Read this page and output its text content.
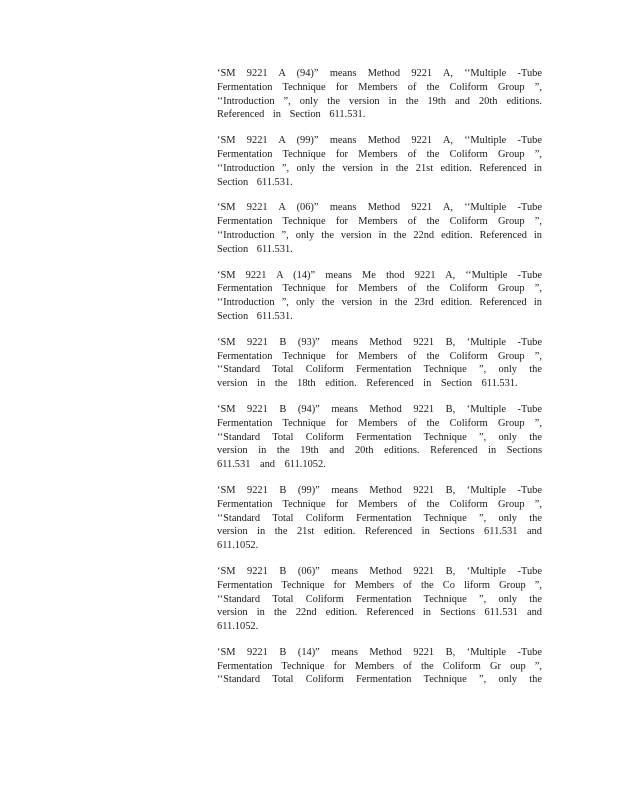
‘SM 9221 A (94)” means Method 9221 A, ‘‘Multiple -Tube
Fermentation Technique for Members of the Coliform Group ”,
‘‘Introduction ”, only the version in the 19th and 20th editions.
Referenced in Section 611.531.
‘SM 9221 A (99)” means Method 9221 A, ‘‘Multiple -Tube
Fermentation Technique for Members of the Coliform Group ”,
‘‘Introduction ”, only the version in the 21st edition. Referenced in
Section 611.531.
‘SM 9221 A (06)” means Method 9221 A, ‘‘Multiple -Tube
Fermentation Technique for Members of the Coliform Group ”,
‘‘Introduction ”, only the version in the 22nd edition. Referenced in
Section 611.531.
‘SM 9221 A (14)” means Me thod 9221 A, ‘‘Multiple -Tube
Fermentation Technique for Members of the Coliform Group ”,
‘‘Introduction ”, only the version in the 23rd edition. Referenced in
Section 611.531.
‘SM 9221 B (93)” means Method 9221 B, ‘Multiple -Tube
Fermentation Technique for Members of the Coliform Group ”,
‘‘Standard Total Coliform Fermentation Technique ”, only the
version in the 18th edition. Referenced in Section 611.531.
‘SM 9221 B (94)” means Method 9221 B, ‘Multiple -Tube
Fermentation Technique for Members of the Coliform Group ”,
‘‘Standard Total Coliform Fermentation Technique ”, only the
version in the 19th and 20th editions. Referenced in Sections
611.531 and 611.1052.
‘SM 9221 B (99)” means Method 9221 B, ‘Multiple -Tube
Fermentation Technique for Members of the Coliform Group ”,
‘‘Standard Total Coliform Fermentation Technique ”, only the
version in the 21st edition. Referenced in Sections 611.531 and
611.1052.
‘SM 9221 B (06)” means Method 9221 B, ‘Multiple -Tube
Fermentation Technique for Members of the Co liform Group ”,
‘‘Standard Total Coliform Fermentation Technique ”, only the
version in the 22nd edition. Referenced in Sections 611.531 and
611.1052.
‘SM 9221 B (14)” means Method 9221 B, ‘Multiple -Tube
Fermentation Technique for Members of the Coliform Gr oup ”,
‘‘Standard Total Coliform Fermentation Technique ”, only the
